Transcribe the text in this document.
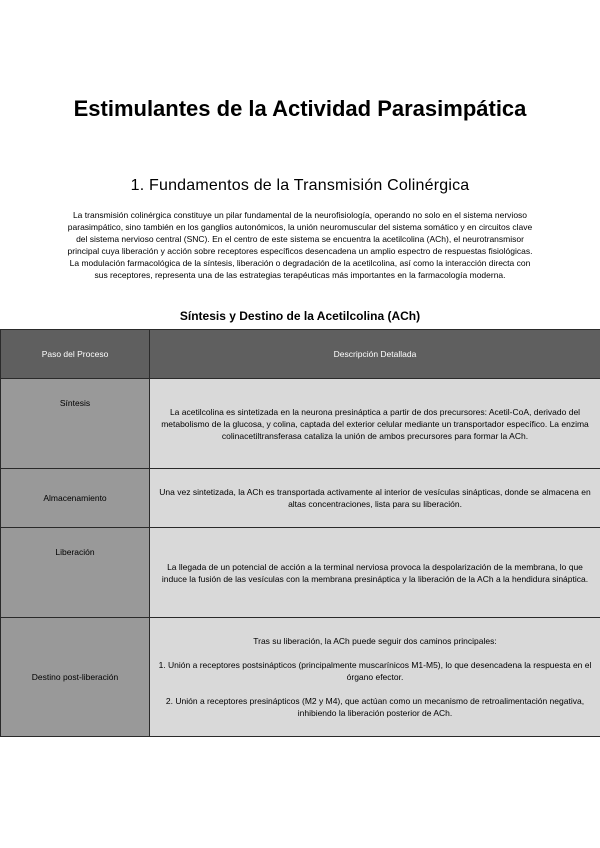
Estimulantes de la Actividad Parasimpática
1. Fundamentos de la Transmisión Colinérgica

La transmisión colinérgica constituye un pilar fundamental de la neurofisiología, operando no solo en el sistema nervioso parasimpático, sino también en los ganglios autonómicos, la unión neuromuscular del sistema somático y en circuitos clave del sistema nervioso central (SNC). En el centro de este sistema se encuentra la acetilcolina (ACh), el neurotransmisor principal cuya liberación y acción sobre receptores específicos desencadena un amplio espectro de respuestas fisiológicas. La modulación farmacológica de la síntesis, liberación o degradación de la acetilcolina, así como la interacción directa con sus receptores, representa una de las estrategias terapéuticas más importantes en la farmacología moderna.

Síntesis y Destino de la Acetilcolina (ACh)
Paso del Proceso	Descripción Detallada
Síntesis	La acetilcolina es sintetizada en la neurona presináptica a partir de dos precursores: Acetil-CoA, derivado del metabolismo de la glucosa, y colina, captada del exterior celular mediante un transportador específico. La enzima colinacetiltransferasa cataliza la unión de ambos precursores para formar la ACh.

Almacenamiento	Una vez sintetizada, la ACh es transportada activamente al interior de vesículas sinápticas, donde se almacena en altas concentraciones, lista para su liberación.

Liberación	La llegada de un potencial de acción a la terminal nerviosa provoca la despolarización de la membrana, lo que induce la fusión de las vesículas con la membrana presináptica y la liberación de la ACh a la hendidura sináptica.

Destino post-liberación	Tras su liberación, la ACh puede seguir dos caminos principales:

1. Unión a receptores postsinápticos (principalmente muscarínicos M1-M5), lo que desencadena la respuesta en el órgano efector.

2. Unión a receptores presinápticos (M2 y M4), que actúan como un mecanismo de retroalimentación negativa, inhibiendo la liberación posterior de ACh.
